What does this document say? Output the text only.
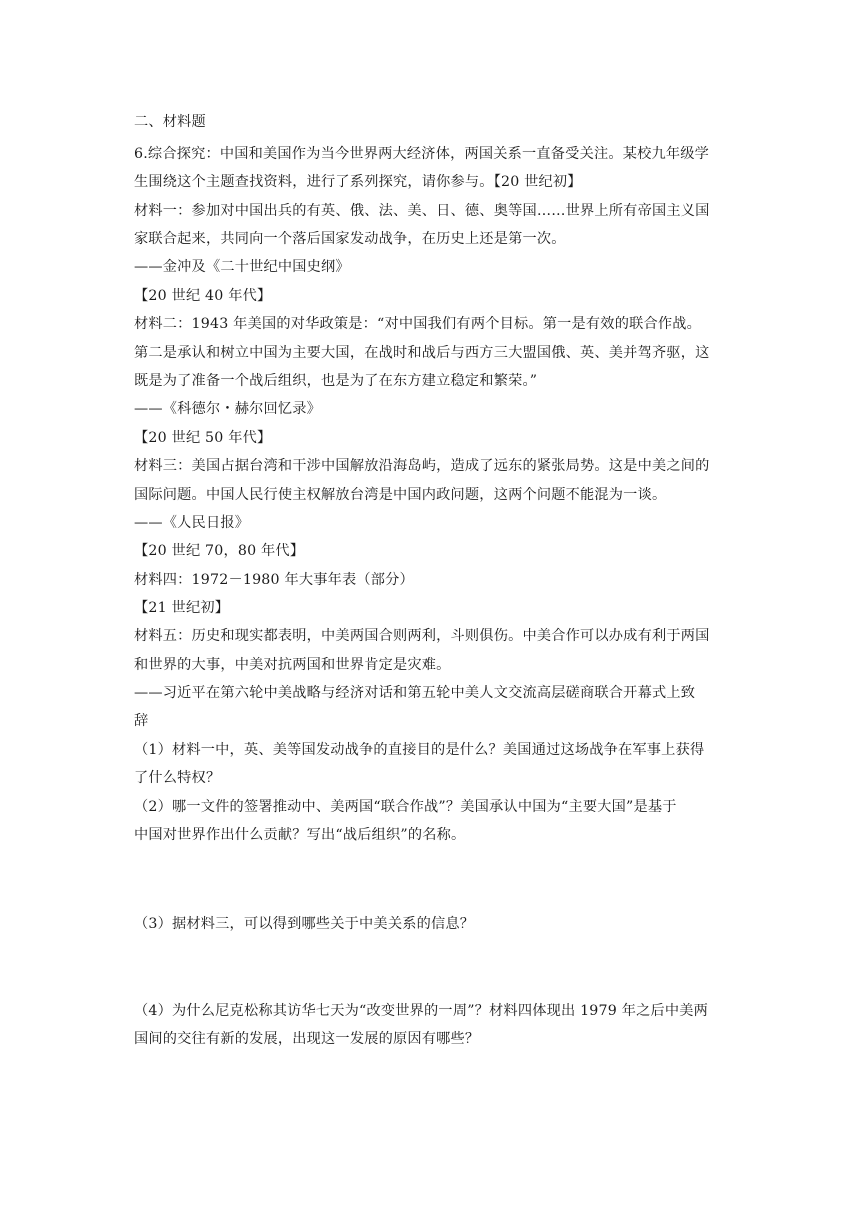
二、材料题
6.综合探究：中国和美国作为当今世界两大经济体，两国关系一直备受关注。某校九年级学
生围绕这个主题查找资料，进行了系列探究，请你参与。【20 世纪初】
材料一：参加对中国出兵的有英、俄、法、美、日、德、奥等国……世界上所有帝国主义国
家联合起来，共同向一个落后国家发动战争，在历史上还是第一次。
——金冲及《二十世纪中国史纲》
【20 世纪 40 年代】
材料二：1943 年美国的对华政策是：“对中国我们有两个目标。第一是有效的联合作战。
第二是承认和树立中国为主要大国，在战时和战后与西方三大盟国俄、英、美并驾齐驱，这
既是为了准备一个战后组织，也是为了在东方建立稳定和繁荣。”
——《科德尔・赫尔回忆录》
【20 世纪 50 年代】
材料三：美国占据台湾和干涉中国解放沿海岛屿，造成了远东的紧张局势。这是中美之间的
国际问题。中国人民行使主权解放台湾是中国内政问题，这两个问题不能混为一谈。
——《人民日报》
【20 世纪 70，80 年代】
材料四：1972－1980 年大事年表（部分）
【21 世纪初】
材料五：历史和现实都表明，中美两国合则两利，斗则俱伤。中美合作可以办成有利于两国
和世界的大事，中美对抗两国和世界肯定是灾难。
——习近平在第六轮中美战略与经济对话和第五轮中美人文交流高层磋商联合开幕式上致
辞
（1）材料一中，英、美等国发动战争的直接目的是什么？美国通过这场战争在军事上获得
了什么特权？
（2）哪一文件的签署推动中、美两国“联合作战”？美国承认中国为“主要大国”是基于
中国对世界作出什么贡献？写出“战后组织”的名称。
（3）据材料三，可以得到哪些关于中美关系的信息？
（4）为什么尼克松称其访华七天为“改变世界的一周”？材料四体现出 1979 年之后中美两
国间的交往有新的发展，出现这一发展的原因有哪些？
